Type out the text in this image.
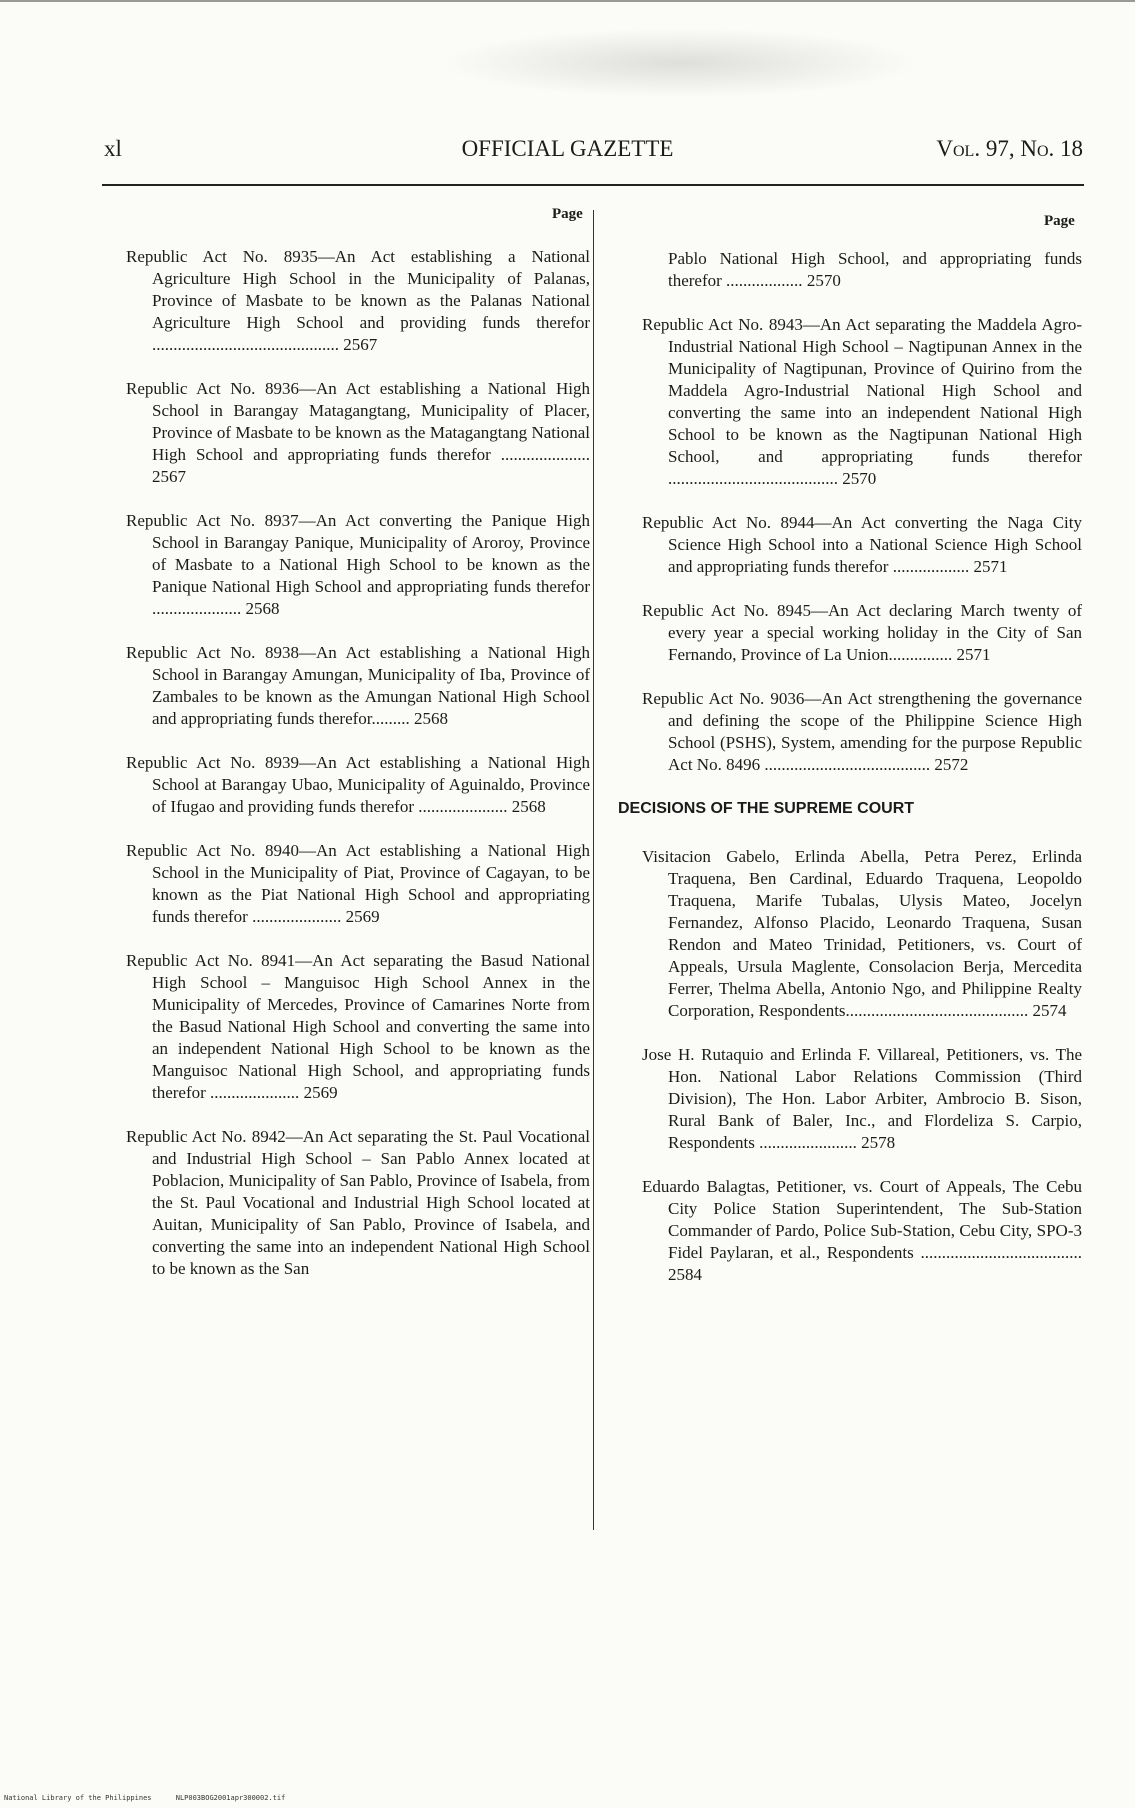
xl	OFFICIAL GAZETTE	Vol. 97, No. 18
Page	Page
Republic Act No. 8935—An Act establishing a National Agriculture High School in the Municipality of Palanas, Province of Masbate to be known as the Palanas National Agriculture High School and providing funds therefor ............................................ 2567
Republic Act No. 8936—An Act establishing a National High School in Barangay Matagangtang, Municipality of Placer, Province of Masbate to be known as the Matagangtang National High School and appropriating funds therefor ..................... 2567
Republic Act No. 8937—An Act converting the Panique High School in Barangay Panique, Municipality of Aroroy, Province of Masbate to a National High School to be known as the Panique National High School and appropriating funds therefor ..................... 2568
Republic Act No. 8938—An Act establishing a National High School in Barangay Amungan, Municipality of Iba, Province of Zambales to be known as the Amungan National High School and appropriating funds therefor......... 2568
Republic Act No. 8939—An Act establishing a National High School at Barangay Ubao, Municipality of Aguinaldo, Province of Ifugao and providing funds therefor ..................... 2568
Republic Act No. 8940—An Act establishing a National High School in the Municipality of Piat, Province of Cagayan, to be known as the Piat National High School and appropriating funds therefor ..................... 2569
Republic Act No. 8941—An Act separating the Basud National High School – Manguisoc High School Annex in the Municipality of Mercedes, Province of Camarines Norte from the Basud National High School and converting the same into an independent National High School to be known as the Manguisoc National High School, and appropriating funds therefor ..................... 2569
Republic Act No. 8942—An Act separating the St. Paul Vocational and Industrial High School – San Pablo Annex located at Poblacion, Municipality of San Pablo, Province of Isabela, from the St. Paul Vocational and Industrial High School located at Auitan, Municipality of San Pablo, Province of Isabela, and converting the same into an independent National High School to be known as the San
Pablo National High School, and appropriating funds therefor .................. 2570
Republic Act No. 8943—An Act separating the Maddela Agro-Industrial National High School – Nagtipunan Annex in the Municipality of Nagtipunan, Province of Quirino from the Maddela Agro-Industrial National High School and converting the same into an independent National High School to be known as the Nagtipunan National High School, and appropriating funds therefor ........................................ 2570
Republic Act No. 8944—An Act converting the Naga City Science High School into a National Science High School and appropriating funds therefor .................. 2571
Republic Act No. 8945—An Act declaring March twenty of every year a special working holiday in the City of San Fernando, Province of La Union............... 2571
Republic Act No. 9036—An Act strengthening the governance and defining the scope of the Philippine Science High School (PSHS), System, amending for the purpose Republic Act No. 8496 ....................................... 2572
DECISIONS OF THE SUPREME COURT
Visitacion Gabelo, Erlinda Abella, Petra Perez, Erlinda Traquena, Ben Cardinal, Eduardo Traquena, Leopoldo Traquena, Marife Tubalas, Ulysis Mateo, Jocelyn Fernandez, Alfonso Placido, Leonardo Traquena, Susan Rendon and Mateo Trinidad, Petitioners, vs. Court of Appeals, Ursula Maglente, Consolacion Berja, Mercedita Ferrer, Thelma Abella, Antonio Ngo, and Philippine Realty Corporation, Respondents........................................... 2574
Jose H. Rutaquio and Erlinda F. Villareal, Petitioners, vs. The Hon. National Labor Relations Commission (Third Division), The Hon. Labor Arbiter, Ambrocio B. Sison, Rural Bank of Baler, Inc., and Flordeliza S. Carpio, Respondents ....................... 2578
Eduardo Balagtas, Petitioner, vs. Court of Appeals, The Cebu City Police Station Superintendent, The Sub-Station Commander of Pardo, Police Sub-Station, Cebu City, SPO-3 Fidel Paylaran, et al., Respondents ...................................... 2584
National Library of the Philippines	NLP003BOG2001apr300002.tif
